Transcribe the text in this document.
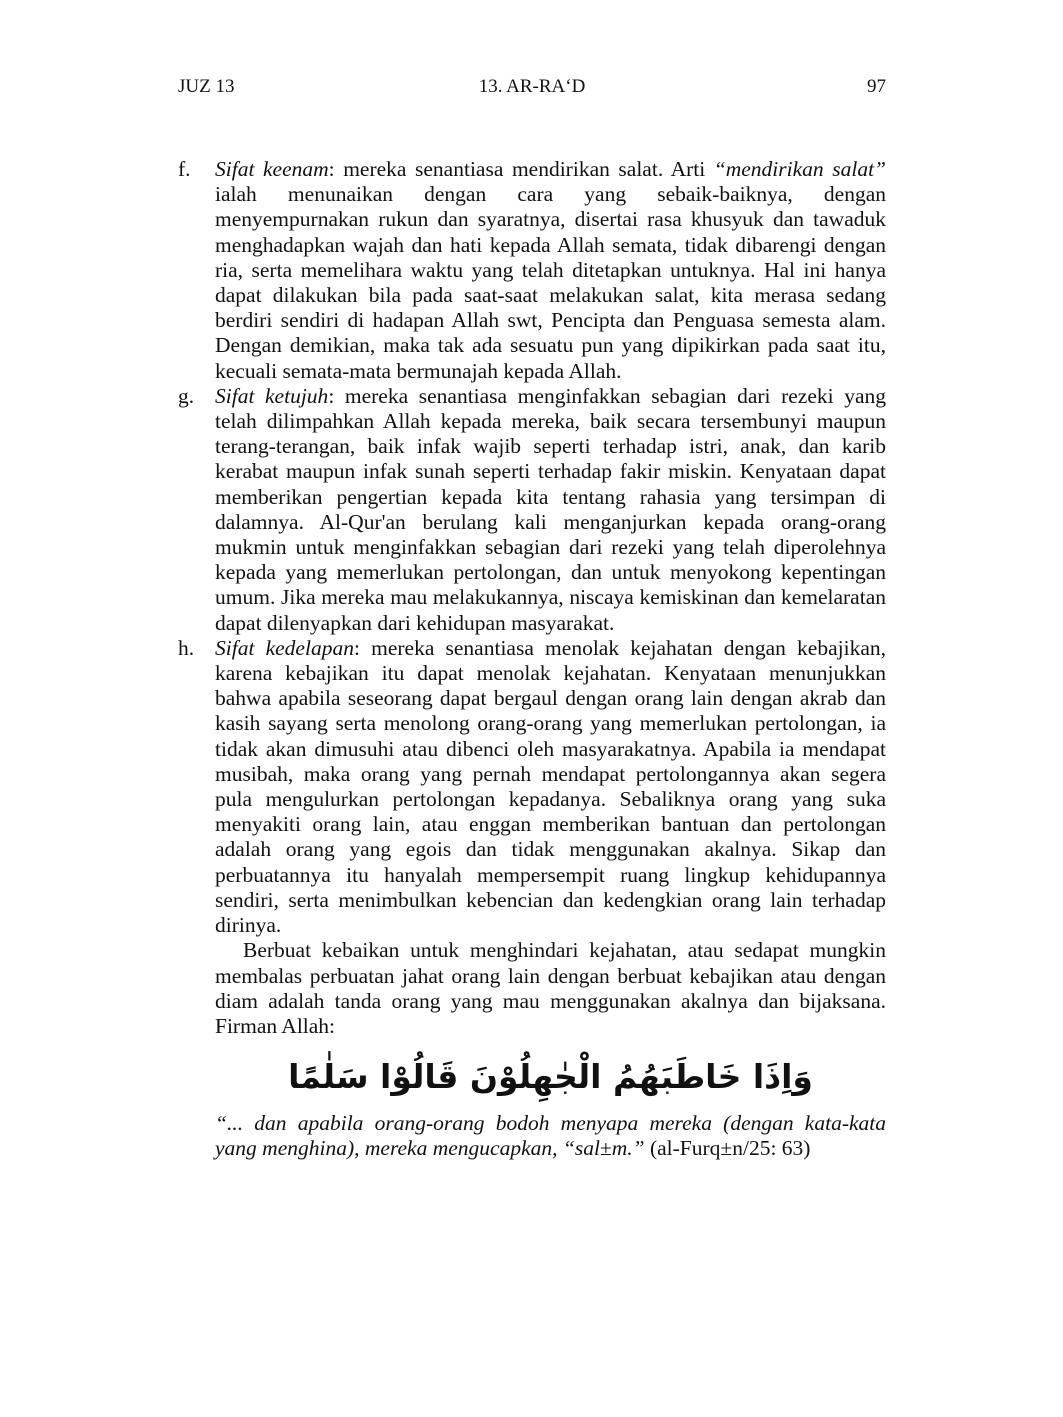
JUZ 13	13. AR-RA‘D	97
f. Sifat keenam: mereka senantiasa mendirikan salat. Arti “mendirikan salat” ialah menunaikan dengan cara yang sebaik-baiknya, dengan menyempurnakan rukun dan syaratnya, disertai rasa khusyuk dan tawaduk menghadapkan wajah dan hati kepada Allah semata, tidak dibarengi dengan ria, serta memelihara waktu yang telah ditetapkan untuknya. Hal ini hanya dapat dilakukan bila pada saat-saat melakukan salat, kita merasa sedang berdiri sendiri di hadapan Allah swt, Pencipta dan Penguasa semesta alam. Dengan demikian, maka tak ada sesuatu pun yang dipikirkan pada saat itu, kecuali semata-mata bermunajah kepada Allah.

g. Sifat ketujuh: mereka senantiasa menginfakkan sebagian dari rezeki yang telah dilimpahkan Allah kepada mereka, baik secara tersembunyi maupun terang-terangan, baik infak wajib seperti terhadap istri, anak, dan karib kerabat maupun infak sunah seperti terhadap fakir miskin. Kenyataan dapat memberikan pengertian kepada kita tentang rahasia yang tersimpan di dalamnya. Al-Qur'an berulang kali menganjurkan kepada orang-orang mukmin untuk menginfakkan sebagian dari rezeki yang telah diperolehnya kepada yang memerlukan pertolongan, dan untuk menyokong kepentingan umum. Jika mereka mau melakukannya, niscaya kemiskinan dan kemelaratan dapat dilenyapkan dari kehidupan masyarakat.

h. Sifat kedelapan: mereka senantiasa menolak kejahatan dengan kebajikan, karena kebajikan itu dapat menolak kejahatan. Kenyataan menunjukkan bahwa apabila seseorang dapat bergaul dengan orang lain dengan akrab dan kasih sayang serta menolong orang-orang yang memerlukan pertolongan, ia tidak akan dimusuhi atau dibenci oleh masyarakatnya. Apabila ia mendapat musibah, maka orang yang pernah mendapat pertolongannya akan segera pula mengulurkan pertolongan kepadanya. Sebaliknya orang yang suka menyakiti orang lain, atau enggan memberikan bantuan dan pertolongan adalah orang yang egois dan tidak menggunakan akalnya. Sikap dan perbuatannya itu hanyalah mempersempit ruang lingkup kehidupannya sendiri, serta menimbulkan kebencian dan kedengkian orang lain terhadap dirinya.

Berbuat kebaikan untuk menghindari kejahatan, atau sedapat mungkin membalas perbuatan jahat orang lain dengan berbuat kebajikan atau dengan diam adalah tanda orang yang mau menggunakan akalnya dan bijaksana. Firman Allah:

وَاِذَا خَاطَبَهُمُ الْجٰهِلُوْنَ قَالُوْا سَلٰمًا

“... dan apabila orang-orang bodoh menyapa mereka (dengan kata-kata yang menghina), mereka mengucapkan, “sal±m.” (al-Furq±n/25: 63)
